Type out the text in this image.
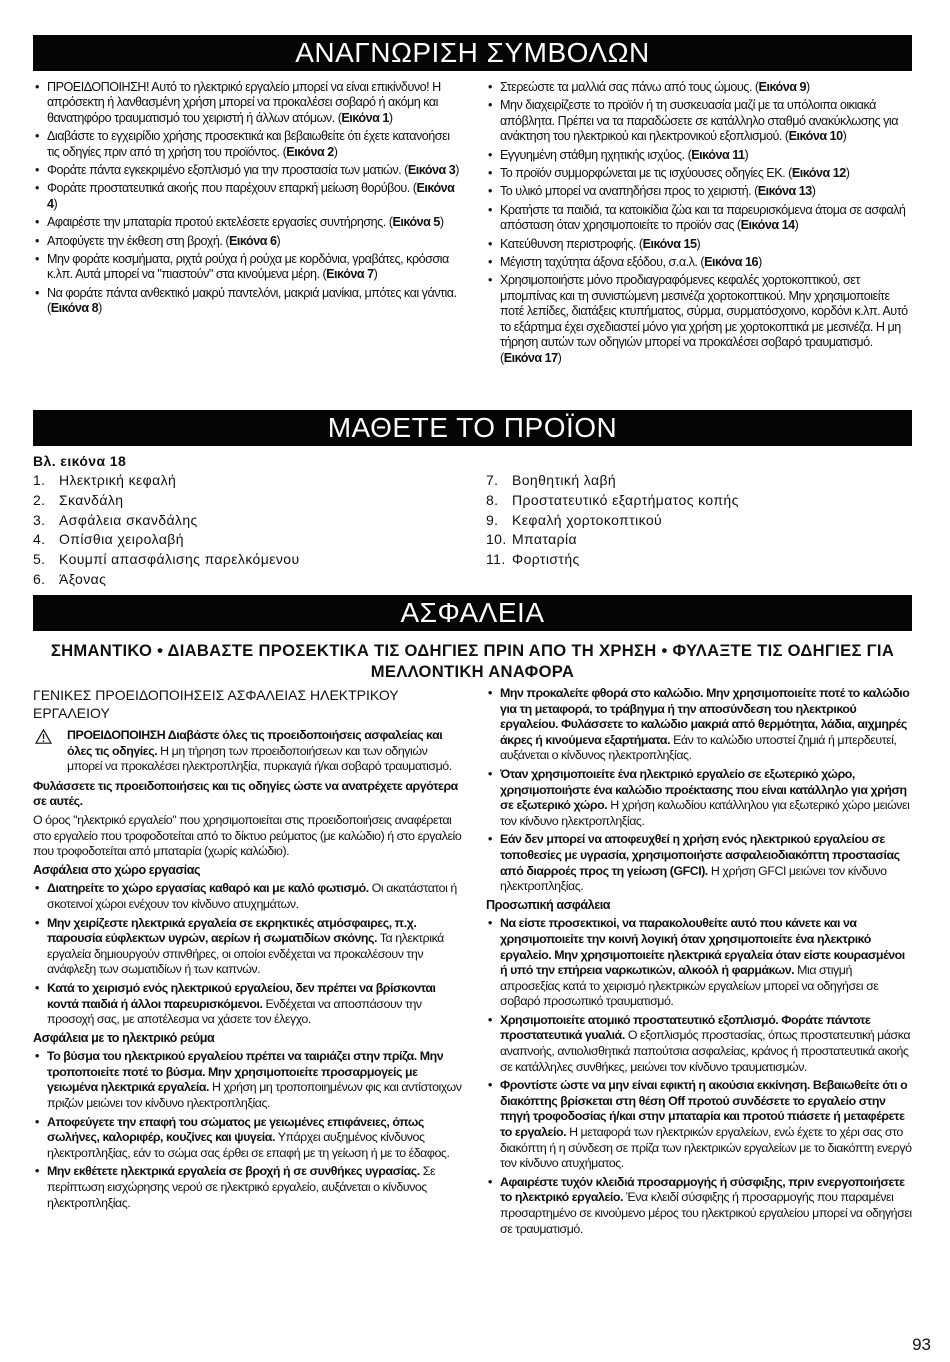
ΑΝΑΓΝΩΡΙΣΗ ΣΥΜΒΟΛΩΝ
• ΠΡΟΕΙΔΟΠΟΙΗΣΗ! Αυτό το ηλεκτρικό εργαλείο μπορεί να είναι επικίνδυνο! Η απρόσεκτη ή λανθασμένη χρήση μπορεί να προκαλέσει σοβαρό ή ακόμη και θανατηφόρο τραυματισμό του χειριστή ή άλλων ατόμων. (Εικόνα 1)
• Διαβάστε το εγχειρίδιο χρήσης προσεκτικά και βεβαιωθείτε ότι έχετε κατανοήσει τις οδηγίες πριν από τη χρήση του προϊόντος. (Εικόνα 2)
• Φοράτε πάντα εγκεκριμένο εξοπλισμό για την προστασία των ματιών. (Εικόνα 3)
• Φοράτε προστατευτικά ακοής που παρέχουν επαρκή μείωση θορύβου. (Εικόνα 4)
• Αφαιρέστε την μπαταρία προτού εκτελέσετε εργασίες συντήρησης. (Εικόνα 5)
• Αποφύγετε την έκθεση στη βροχή. (Εικόνα 6)
• Μην φοράτε κοσμήματα, ριχτά ρούχα ή ρούχα με κορδόνια, γραβάτες, κρόσσια κ.λπ. Αυτά μπορεί να "πιαστούν" στα κινούμενα μέρη. (Εικόνα 7)
• Να φοράτε πάντα ανθεκτικό μακρύ παντελόνι, μακριά μανίκια, μπότες και γάντια. (Εικόνα 8)
• Στερεώστε τα μαλλιά σας πάνω από τους ώμους. (Εικόνα 9)
• Μην διαχειρίζεστε το προϊόν ή τη συσκευασία μαζί με τα υπόλοιπα οικιακά απόβλητα. Πρέπει να τα παραδώσετε σε κατάλληλο σταθμό ανακύκλωσης για ανάκτηση του ηλεκτρικού και ηλεκτρονικού εξοπλισμού. (Εικόνα 10)
• Εγγυημένη στάθμη ηχητικής ισχύος. (Εικόνα 11)
• Το προϊόν συμμορφώνεται με τις ισχύουσες οδηγίες ΕΚ. (Εικόνα 12)
• Το υλικό μπορεί να αναπηδήσει προς το χειριστή. (Εικόνα 13)
• Κρατήστε τα παιδιά, τα κατοικίδια ζώα και τα παρευρισκόμενα άτομα σε ασφαλή απόσταση όταν χρησιμοποιείτε το προϊόν σας (Εικόνα 14)
• Κατεύθυνση περιστροφής. (Εικόνα 15)
• Μέγιστη ταχύτητα άξονα εξόδου, σ.α.λ. (Εικόνα 16)
• Χρησιμοποιήστε μόνο προδιαγραφόμενες κεφαλές χορτοκοπτικού, σετ μπομπίνας και τη συνιστώμενη μεσινέζα χορτοκοπτικού. Μην χρησιμοποιείτε ποτέ λεπίδες, διατάξεις κτυπήματος, σύρμα, συρματόσχοινο, κορδόνι κ.λπ. Αυτό το εξάρτημα έχει σχεδιαστεί μόνο για χρήση με χορτοκοπτικά με μεσινέζα. Η μη τήρηση αυτών των οδηγιών μπορεί να προκαλέσει σοβαρό τραυματισμό. (Εικόνα 17)
ΜΑΘΕΤΕ ΤΟ ΠΡΟΪΟΝ
Βλ. εικόνα 18
1. Ηλεκτρική κεφαλή
2. Σκανδάλη
3. Ασφάλεια σκανδάλης
4. Οπίσθια χειρολαβή
5. Κουμπί απασφάλισης παρελκόμενου
6. Άξονας
7. Βοηθητική λαβή
8. Προστατευτικό εξαρτήματος κοπής
9. Κεφαλή χορτοκοπτικού
10. Μπαταρία
11. Φορτιστής
ΑΣΦΑΛΕΙΑ
ΣΗΜΑΝΤΙΚΟ • ΔΙΑΒΑΣΤΕ ΠΡΟΣΕΚΤΙΚΑ ΤΙΣ ΟΔΗΓΙΕΣ ΠΡΙΝ ΑΠΟ ΤΗ ΧΡΗΣΗ • ΦΥΛΑΞΤΕ ΤΙΣ ΟΔΗΓΙΕΣ ΓΙΑ ΜΕΛΛΟΝΤΙΚΗ ΑΝΑΦΟΡΑ
ΓΕΝΙΚΕΣ ΠΡΟΕΙΔΟΠΟΙΗΣΕΙΣ ΑΣΦΑΛΕΙΑΣ ΗΛΕΚΤΡΙΚΟΥ ΕΡΓΑΛΕΙΟΥ
ΠΡΟΕΙΔΟΠΟΙΗΣΗ Διαβάστε όλες τις προειδοποιήσεις ασφαλείας και όλες τις οδηγίες. Η μη τήρηση των προειδοποιήσεων και των οδηγιών μπορεί να προκαλέσει ηλεκτροπληξία, πυρκαγιά ή/και σοβαρό τραυματισμό.
Φυλάσσετε τις προειδοποιήσεις και τις οδηγίες ώστε να ανατρέχετε αργότερα σε αυτές.
Ο όρος "ηλεκτρικό εργαλείο" που χρησιμοποιείται στις προειδοποιήσεις αναφέρεται στο εργαλείο που τροφοδοτείται από το δίκτυο ρεύματος (με καλώδιο) ή στο εργαλείο που τροφοδοτείται από μπαταρία (χωρίς καλώδιο).
Ασφάλεια στο χώρο εργασίας
• Διατηρείτε το χώρο εργασίας καθαρό και με καλό φωτισμό. Οι ακατάστατοι ή σκοτεινοί χώροι ενέχουν τον κίνδυνο ατυχημάτων.
• Μην χειρίζεστε ηλεκτρικά εργαλεία σε εκρηκτικές ατμόσφαιρες, π.χ. παρουσία εύφλεκτων υγρών, αερίων ή σωματιδίων σκόνης. Τα ηλεκτρικά εργαλεία δημιουργούν σπινθήρες, οι οποίοι ενδέχεται να προκαλέσουν την ανάφλεξη των σωματιδίων ή των καπνών.
• Κατά το χειρισμό ενός ηλεκτρικού εργαλείου, δεν πρέπει να βρίσκονται κοντά παιδιά ή άλλοι παρευρισκόμενοι. Ενδέχεται να αποσπάσουν την προσοχή σας, με αποτέλεσμα να χάσετε τον έλεγχο.
Ασφάλεια με το ηλεκτρικό ρεύμα
• Το βύσμα του ηλεκτρικού εργαλείου πρέπει να ταιριάζει στην πρίζα. Μην τροποποιείτε ποτέ το βύσμα. Μην χρησιμοποιείτε προσαρμογείς με γειωμένα ηλεκτρικά εργαλεία. Η χρήση μη τροποποιημένων φις και αντίστοιχων πριζών μειώνει τον κίνδυνο ηλεκτροπληξίας.
• Αποφεύγετε την επαφή του σώματος με γειωμένες επιφάνειες, όπως σωλήνες, καλοριφέρ, κουζίνες και ψυγεία. Υπάρχει αυξημένος κίνδυνος ηλεκτροπληξίας, εάν το σώμα σας έρθει σε επαφή με τη γείωση ή με το έδαφος.
• Μην εκθέτετε ηλεκτρικά εργαλεία σε βροχή ή σε συνθήκες υγρασίας. Σε περίπτωση εισχώρησης νερού σε ηλεκτρικό εργαλείο, αυξάνεται ο κίνδυνος ηλεκτροπληξίας.
• Μην προκαλείτε φθορά στο καλώδιο. Μην χρησιμοποιείτε ποτέ το καλώδιο για τη μεταφορά, το τράβηγμα ή την αποσύνδεση του ηλεκτρικού εργαλείου. Φυλάσσετε το καλώδιο μακριά από θερμότητα, λάδια, αιχμηρές άκρες ή κινούμενα εξαρτήματα. Εάν το καλώδιο υποστεί ζημιά ή μπερδευτεί, αυξάνεται ο κίνδυνος ηλεκτροπληξίας.
• Όταν χρησιμοποιείτε ένα ηλεκτρικό εργαλείο σε εξωτερικό χώρο, χρησιμοποιήστε ένα καλώδιο προέκτασης που είναι κατάλληλο για χρήση σε εξωτερικό χώρο. Η χρήση καλωδίου κατάλληλου για εξωτερικό χώρο μειώνει τον κίνδυνο ηλεκτροπληξίας.
• Εάν δεν μπορεί να αποφευχθεί η χρήση ενός ηλεκτρικού εργαλείου σε τοποθεσίες με υγρασία, χρησιμοποιήστε ασφαλειοδιακόπτη προστασίας από διαρροές προς τη γείωση (GFCI). Η χρήση GFCI μειώνει τον κίνδυνο ηλεκτροπληξίας.
Προσωπική ασφάλεια
• Να είστε προσεκτικοί, να παρακολουθείτε αυτό που κάνετε και να χρησιμοποιείτε την κοινή λογική όταν χρησιμοποιείτε ένα ηλεκτρικό εργαλείο. Μην χρησιμοποιείτε ηλεκτρικά εργαλεία όταν είστε κουρασμένοι ή υπό την επήρεια ναρκωτικών, αλκοόλ ή φαρμάκων. Μια στιγμή απροσεξίας κατά το χειρισμό ηλεκτρικών εργαλείων μπορεί να οδηγήσει σε σοβαρό προσωπικό τραυματισμό.
• Χρησιμοποιείτε ατομικό προστατευτικό εξοπλισμό. Φοράτε πάντοτε προστατευτικά γυαλιά. Ο εξοπλισμός προστασίας, όπως προστατευτική μάσκα αναπνοής, αντιολισθητικά παπούτσια ασφαλείας, κράνος ή προστατευτικά ακοής σε κατάλληλες συνθήκες, μειώνει τον κίνδυνο τραυματισμών.
• Φροντίστε ώστε να μην είναι εφικτή η ακούσια εκκίνηση. Βεβαιωθείτε ότι ο διακόπτης βρίσκεται στη θέση Off προτού συνδέσετε το εργαλείο στην πηγή τροφοδοσίας ή/και στην μπαταρία και προτού πιάσετε ή μεταφέρετε το εργαλείο. Η μεταφορά των ηλεκτρικών εργαλείων, ενώ έχετε το χέρι σας στο διακόπτη ή η σύνδεση σε πρίζα των ηλεκτρικών εργαλείων με το διακόπτη ενεργό τον κίνδυνο ατυχήματος.
• Αφαιρέστε τυχόν κλειδιά προσαρμογής ή σύσφιξης, πριν ενεργοποιήσετε το ηλεκτρικό εργαλείο. Ένα κλειδί σύσφιξης ή προσαρμογής που παραμένει προσαρτημένο σε κινούμενο μέρος του ηλεκτρικού εργαλείου μπορεί να οδηγήσει σε τραυματισμό.
93
